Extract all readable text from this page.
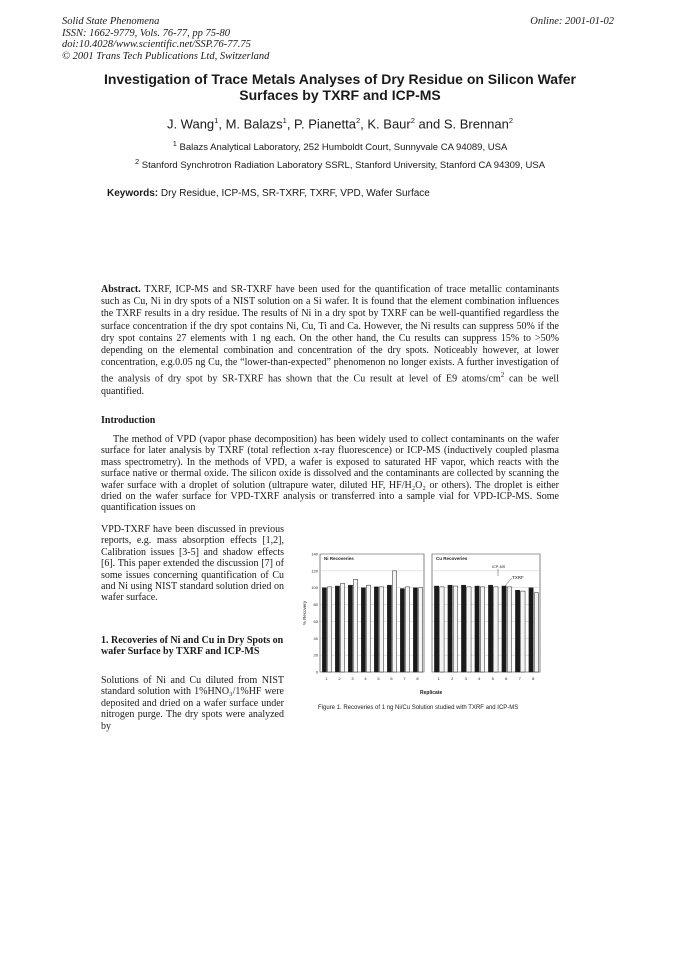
Solid State Phenomena
ISSN: 1662-9779, Vols. 76-77, pp 75-80
doi:10.4028/www.scientific.net/SSP.76-77.75
© 2001 Trans Tech Publications Ltd, Switzerland
Online: 2001-01-02
Investigation of Trace Metals Analyses of Dry Residue on Silicon Wafer Surfaces by TXRF and ICP-MS
J. Wang$^1$, M. Balazs$^1$, P. Pianetta$^2$, K. Baur$^2$ and S. Brennan$^2$
$^1$ Balazs Analytical Laboratory, 252 Humboldt Court, Sunnyvale CA 94089, USA
$^2$ Stanford Synchrotron Radiation Laboratory SSRL, Stanford University, Stanford CA 94309, USA
Keywords: Dry Residue, ICP-MS, SR-TXRF, TXRF, VPD, Wafer Surface
Abstract. TXRF, ICP-MS and SR-TXRF have been used for the quantification of trace metallic contaminants such as Cu, Ni in dry spots of a NIST solution on a Si wafer. It is found that the element combination influences the TXRF results in a dry residue. The results of Ni in a dry spot by TXRF can be well-quantified regardless the surface concentration if the dry spot contains Ni, Cu, Ti and Ca. However, the Ni results can suppress 50% if the dry spot contains 27 elements with 1 ng each. On the other hand, the Cu results can suppress 15% to >50% depending on the elemental combination and concentration of the dry spots. Noticeably however, at lower concentration, e.g.0.05 ng Cu, the “lower-than-expected” phenomenon no longer exists. A further investigation of the analysis of dry spot by SR-TXRF has shown that the Cu result at level of E9 atoms/$cm^2$ can be well quantified.
Introduction
The method of VPD (vapor phase decomposition) has been widely used to collect contaminants on the wafer surface for later analysis by TXRF (total reflection x-ray fluorescence) or ICP-MS (inductively coupled plasma mass spectrometry). In the methods of VPD, a wafer is exposed to saturated HF vapor, which reacts with the surface native or thermal oxide. The silicon oxide is dissolved and the contaminants are collected by scanning the wafer surface with a droplet of solution (ultrapure water, diluted HF, HF/H₂O₂ or others). The droplet is either dried on the wafer surface for VPD-TXRF analysis or transferred into a sample vial for VPD-ICP-MS. Some quantification issues on
VPD-TXRF have been discussed in previous reports, e.g. mass absorption effects [1,2], Calibration issues [3-5] and shadow effects [6]. This paper extended the discussion [7] of some issues concerning quantification of Cu and Ni using NIST standard solution dried on wafer surface.
1. Recoveries of Ni and Cu in Dry Spots on wafer Surface by TXRF and ICP-MS
Solutions of Ni and Cu diluted from NIST standard solution with 1%HNO₃/1%HF were deposited and dried on a wafer surface under nitrogen purge. The dry spots were analyzed by
Ni Recoveries
0
20
40
60
80
100
120
140
% Recovery
1	2	3	4	5	6	7	8
Cu Recoveries
1	2	3	4	5	6	7	8
ICP-MS
TXRF
Replicate
Figure 1. Recoveries of 1 ng Ni/Cu Solution studied with TXRF and ICP-MS
